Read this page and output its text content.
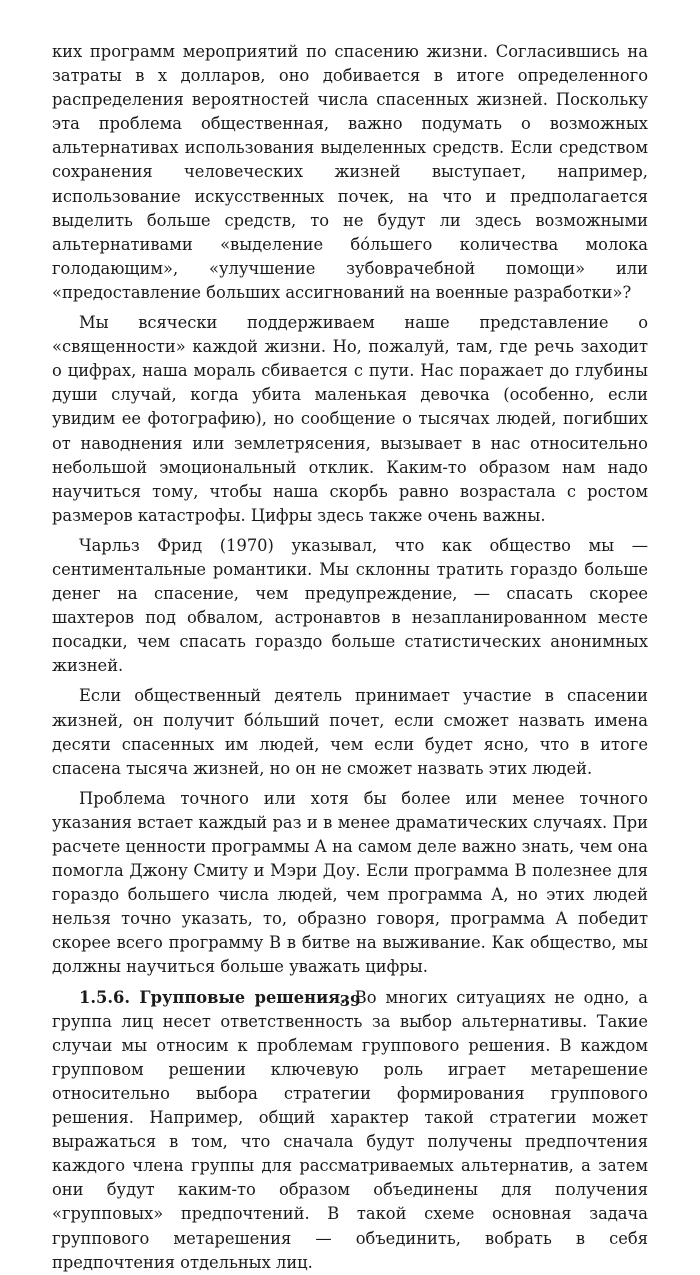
ких программ мероприятий по спасению жизни. Согласившись на затраты в x долларов, оно добивается в итоге определенного распределения вероятностей числа спасенных жизней. Поскольку эта проблема общественная, важно подумать о возможных альтернативах использования выделенных средств. Если средством сохранения человеческих жизней выступает, например, использование искусственных почек, на что и предполагается выделить больше средств, то не будут ли здесь возможными альтернативами «выделение бо́льшего количества молока голодающим», «улучшение зубоврачебной помощи» или «предоставление больших ассигнований на военные разработки»?

Мы всячески поддерживаем наше представление о «священности» каждой жизни. Но, пожалуй, там, где речь заходит о цифрах, наша мораль сбивается с пути. Нас поражает до глубины души случай, когда убита маленькая девочка (особенно, если увидим ее фотографию), но сообщение о тысячах людей, погибших от наводнения или землетрясения, вызывает в нас относительно небольшой эмоциональный отклик. Каким-то образом нам надо научиться тому, чтобы наша скорбь равно возрастала с ростом размеров катастрофы. Цифры здесь также очень важны.

Чарльз Фрид (1970) указывал, что как общество мы — сентиментальные романтики. Мы склонны тратить гораздо больше денег на спасение, чем предупреждение, — спасать скорее шахтеров под обвалом, астронавтов в незапланированном месте посадки, чем спасать гораздо больше статистических анонимных жизней.

Если общественный деятель принимает участие в спасении жизней, он получит бо́льший почет, если сможет назвать имена десяти спасенных им людей, чем если будет ясно, что в итоге спасена тысяча жизней, но он не сможет назвать этих людей.

Проблема точного или хотя бы более или менее точного указания встает каждый раз и в менее драматических случаях. При расчете ценности программы А на самом деле важно знать, чем она помогла Джону Смиту и Мэри Доу. Если программа В полезнее для гораздо большего числа людей, чем программа А, но этих людей нельзя точно указать, то, образно говоря, программа А победит скорее всего программу В в битве на выживание. Как общество, мы должны научиться больше уважать цифры.

1.5.6. Групповые решения. Во многих ситуациях не одно, а группа лиц несет ответственность за выбор альтернативы. Такие случаи мы относим к проблемам группового решения. В каждом групповом решении ключевую роль играет метарешение относительно выбора стратегии формирования группового решения. Например, общий характер такой стратегии может выражаться в том, что сначала будут получены предпочтения каждого члена группы для рассматриваемых альтернатив, а затем они будут каким-то образом объединены для получения «групповых» предпочтений. В такой схеме основная задача группового метарешения — объединить, вобрать в себя предпочтения отдельных лиц.

39
